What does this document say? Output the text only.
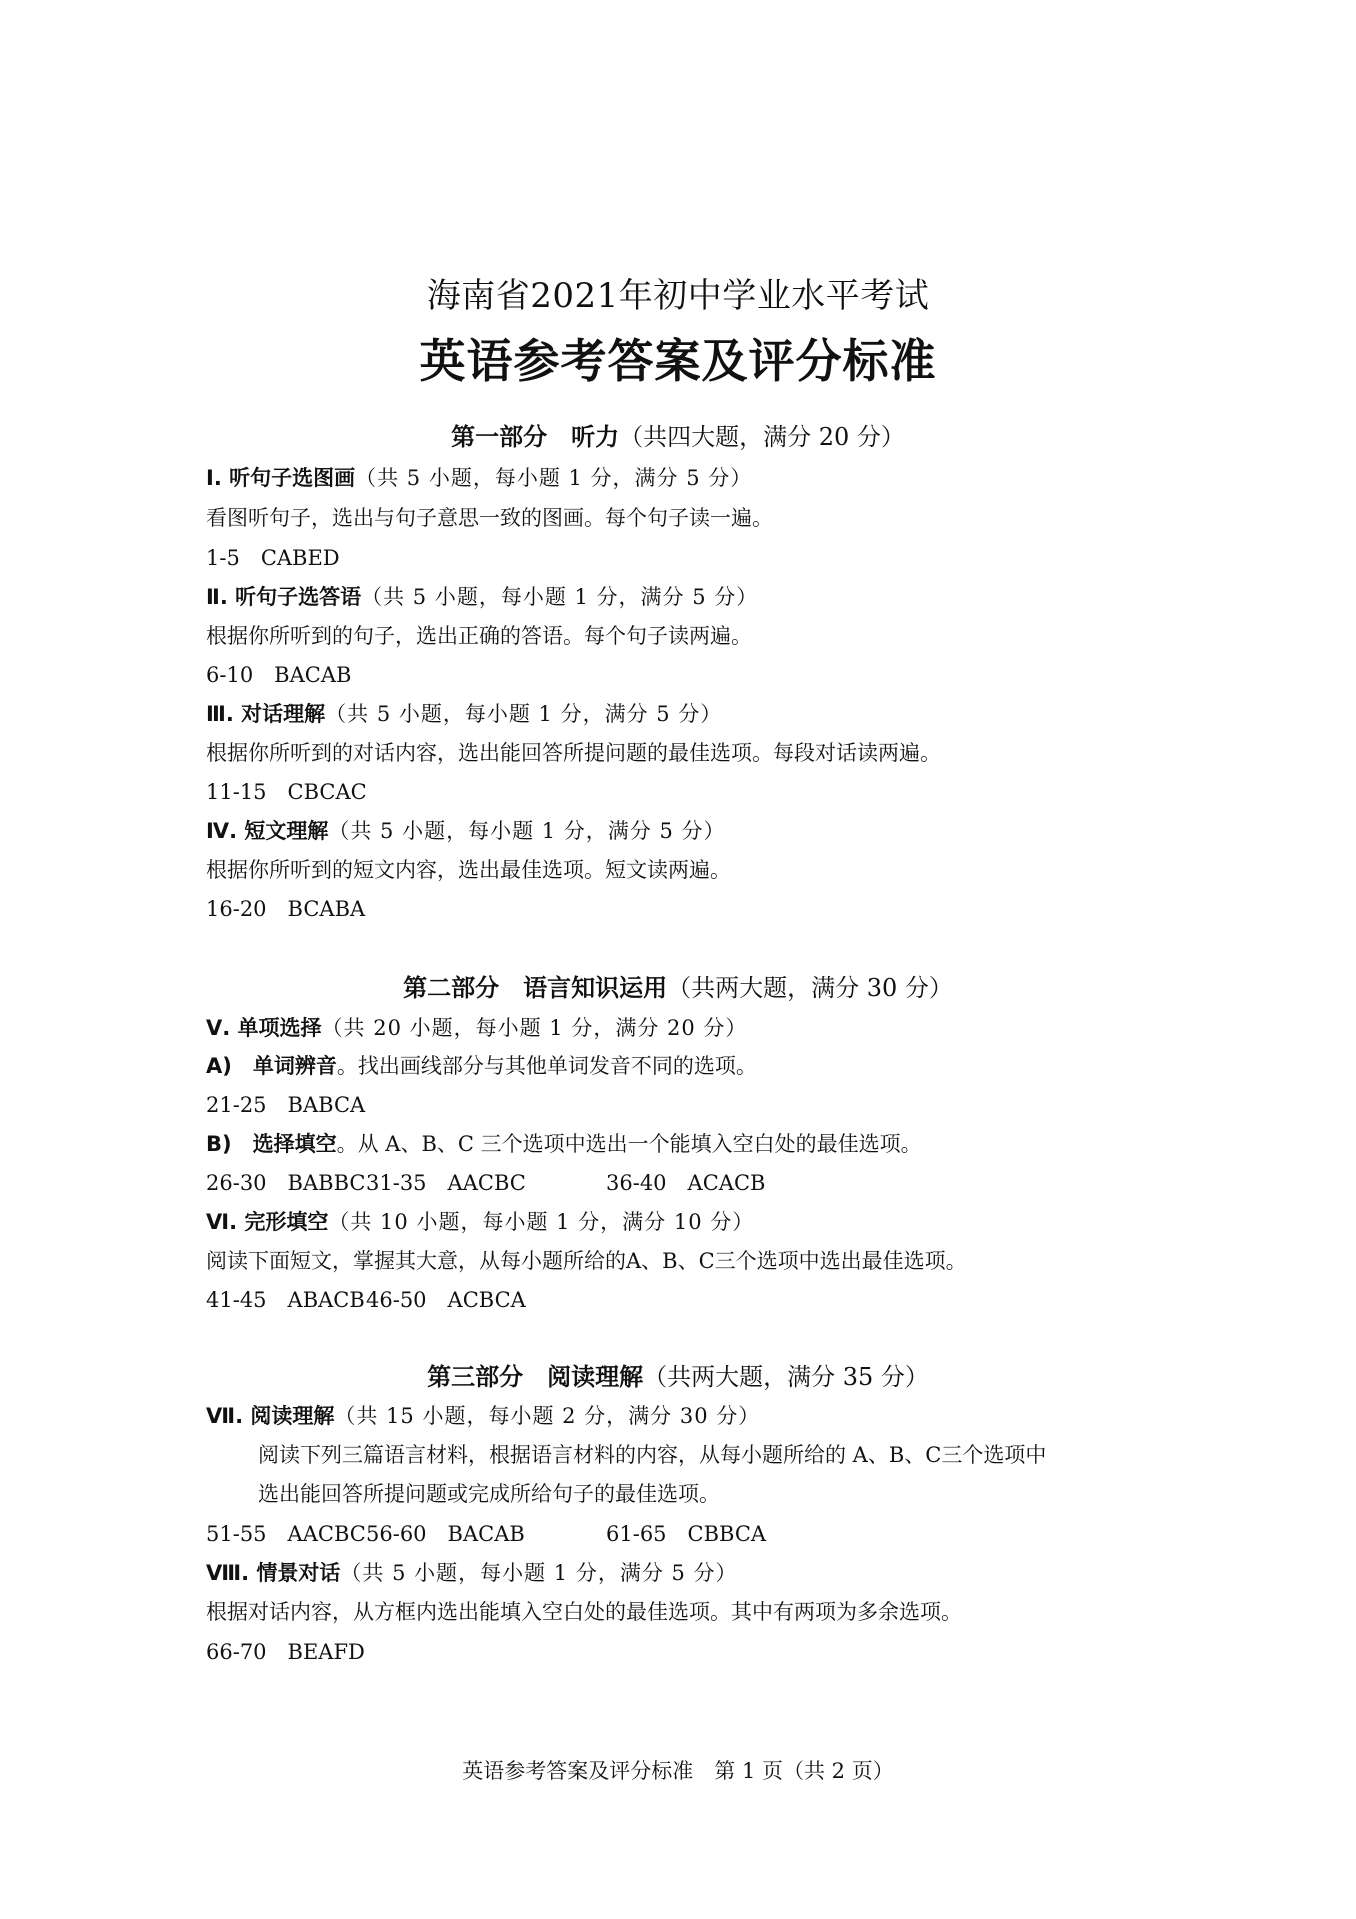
海南省2021年初中学业水平考试
英语参考答案及评分标准
第一部分　听力（共四大题，满分 20 分）
Ⅰ. 听句子选图画（共 5 小题，每小题 1 分，满分 5 分）
看图听句子，选出与句子意思一致的图画。每个句子读一遍。
1-5　CABED
Ⅱ. 听句子选答语（共 5 小题，每小题 1 分，满分 5 分）
根据你所听到的句子，选出正确的答语。每个句子读两遍。
6-10　BACAB
Ⅲ. 对话理解（共 5 小题，每小题 1 分，满分 5 分）
根据你所听到的对话内容，选出能回答所提问题的最佳选项。每段对话读两遍。
11-15　CBCAC
Ⅳ. 短文理解（共 5 小题，每小题 1 分，满分 5 分）
根据你所听到的短文内容，选出最佳选项。短文读两遍。
16-20　BCABA
第二部分　语言知识运用（共两大题，满分 30 分）
Ⅴ. 单项选择（共 20 小题，每小题 1 分，满分 20 分）
A)　单词辨音。找出画线部分与其他单词发音不同的选项。
21-25　BABCA
B)　选择填空。从 A、B、C 三个选项中选出一个能填入空白处的最佳选项。
26-30　BABBC31-35　AACBC	36-40　ACACB
Ⅵ. 完形填空（共 10 小题，每小题 1 分，满分 10 分）
阅读下面短文，掌握其大意，从每小题所给的A、B、C三个选项中选出最佳选项。
41-45　ABACB46-50　ACBCA
第三部分　阅读理解（共两大题，满分 35 分）
Ⅶ. 阅读理解（共 15 小题，每小题 2 分，满分 30 分）
阅读下列三篇语言材料，根据语言材料的内容，从每小题所给的 A、B、C三个选项中
选出能回答所提问题或完成所给句子的最佳选项。
51-55　AACBC56-60　BACAB	61-65　CBBCA
Ⅷ. 情景对话（共 5 小题，每小题 1 分，满分 5 分）
根据对话内容，从方框内选出能填入空白处的最佳选项。其中有两项为多余选项。
66-70　BEAFD
英语参考答案及评分标准　第 1 页（共 2 页）
